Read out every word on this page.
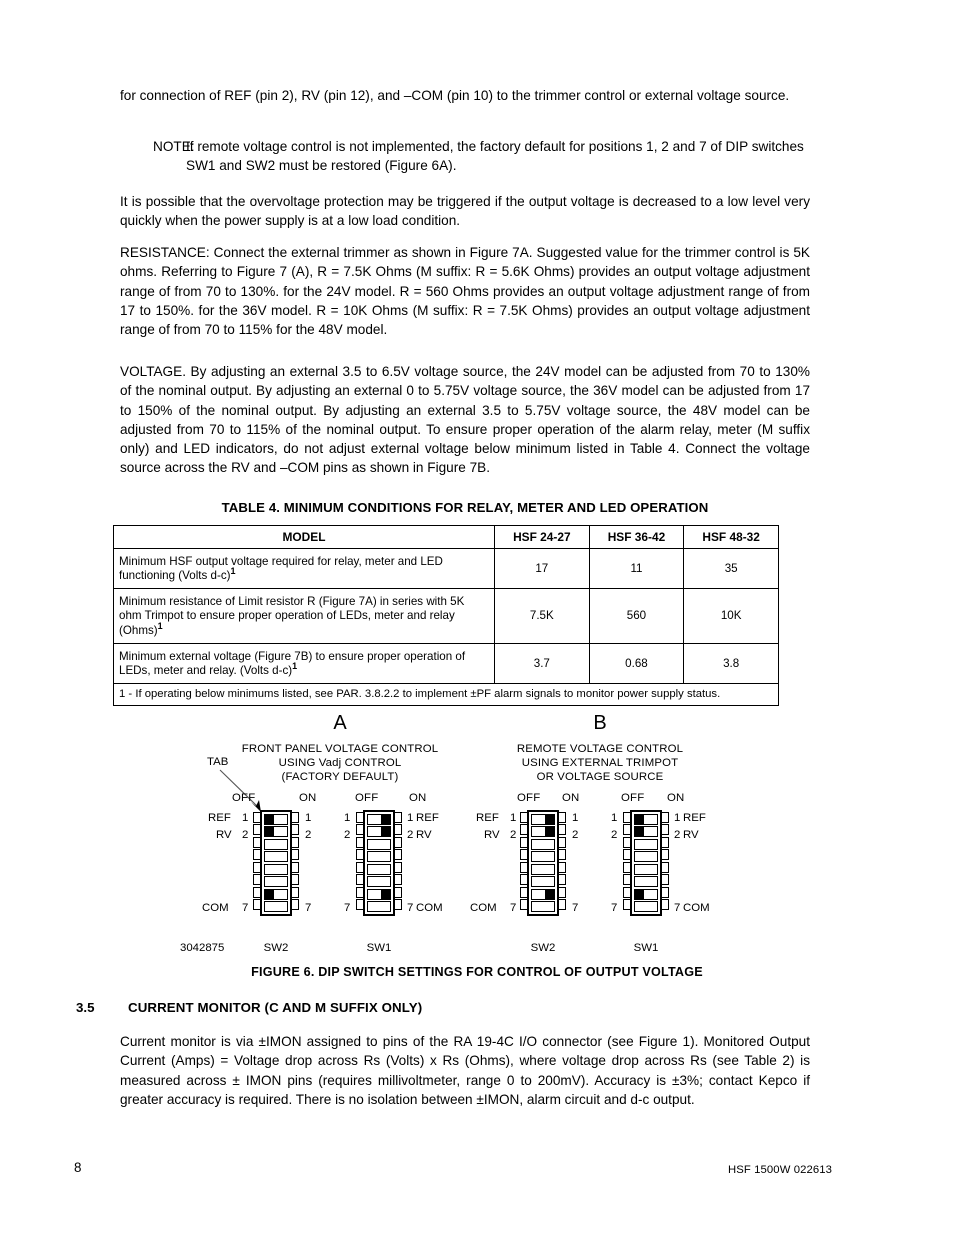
for connection of REF (pin 2), RV (pin 12), and –COM (pin 10) to the trimmer control or external voltage source.

NOTE:
If remote voltage control is not implemented, the factory default for positions 1, 2 and 7 of DIP switches SW1 and SW2 must be restored (Figure 6A).

It is possible that the overvoltage protection may be triggered if the output voltage is decreased to a low level very quickly when the power supply is at a low load condition.

RESISTANCE: Connect the external trimmer as shown in Figure 7A. Suggested value for the trimmer control is 5K ohms. Referring to Figure 7 (A), R = 7.5K Ohms (M suffix: R = 5.6K Ohms) provides an output voltage adjustment range of from 70 to 130%. for the 24V model. R = 560 Ohms provides an output voltage adjustment range of from 17 to 150%. for the 36V model. R = 10K Ohms (M suffix: R = 7.5K Ohms) provides an output voltage adjustment range of from 70 to 115% for the 48V model.

VOLTAGE. By adjusting an external 3.5 to 6.5V voltage source, the 24V model can be adjusted from 70 to 130% of the nominal output. By adjusting an external 0 to 5.75V voltage source, the 36V model can be adjusted from 17 to 150% of the nominal output. By adjusting an external 3.5 to 5.75V voltage source, the 48V model can be adjusted from 70 to 115% of the nominal output. To ensure proper operation of the alarm relay, meter (M suffix only) and LED indicators, do not adjust external voltage below minimum listed in Table 4. Connect the voltage source across the RV and –COM pins as shown in Figure 7B.

TABLE 4. MINIMUM CONDITIONS FOR RELAY, METER AND LED OPERATION
MODEL	HSF 24-27	HSF 36-42	HSF 48-32
Minimum HSF output voltage required for relay, meter and LED functioning (Volts d-c)$^1$	17	11	35
Minimum resistance of Limit resistor R (Figure 7A) in series with 5K ohm Trimpot to ensure proper operation of LEDs, meter and relay (Ohms)$^1$	7.5K	560	10K
Minimum external voltage (Figure 7B) to ensure proper operation of LEDs, meter and relay. (Volts d-c)$^1$	3.7	0.68	3.8
1 - If operating below minimums listed, see PAR. 3.8.2.2 to implement ±PF alarm signals to monitor power supply status.			
A
FRONT PANEL VOLTAGE CONTROL
USING Vadj CONTROL
(FACTORY DEFAULT)
TAB
OFF	ON
REF
RV
COM
1
2
7
1
2
7
SW2
OFF	ON
1
2
7
1 REF
2 RV
7 COM
SW1
3042875
B
REMOTE VOLTAGE CONTROL
USING EXTERNAL TRIMPOT
OR VOLTAGE SOURCE
OFF ON
REF
RV
COM
1
2
7
1
2
7
SW2
OFF ON
1
2
7
1 REF
2 RV
7 COM
SW1
FIGURE 6. DIP SWITCH SETTINGS FOR CONTROL OF OUTPUT VOLTAGE
3.5	CURRENT MONITOR (C AND M SUFFIX ONLY)

Current monitor is via ±IMON assigned to pins of the RA 19-4C I/O connector (see Figure 1). Monitored Output Current (Amps) = Voltage drop across Rs (Volts) x Rs (Ohms), where voltage drop across Rs (see Table 2) is measured across ± IMON pins (requires millivoltmeter, range 0 to 200mV). Accuracy is ±3%; contact Kepco if greater accuracy is required. There is no isolation between ±IMON, alarm circuit and d-c output.

8	HSF 1500W 022613
